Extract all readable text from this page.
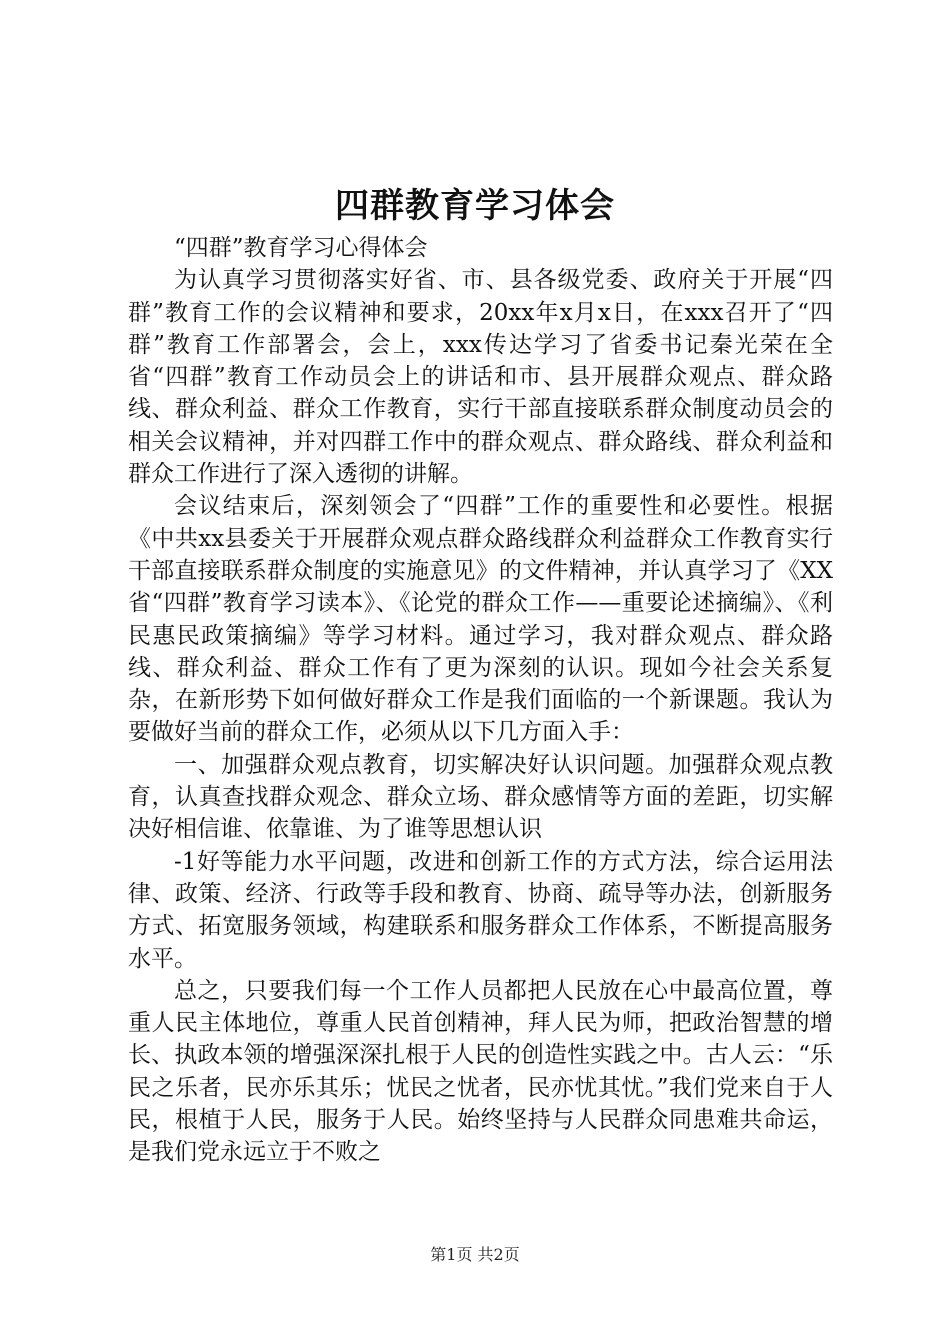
四群教育学习体会

“四群”教育学习心得体会

为认真学习贯彻落实好省、市、县各级党委、政府关于开展“四群”教育工作的会议精神和要求，20xx年x月x日，在xxx召开了“四群”教育工作部署会，会上，xxx传达学习了省委书记秦光荣在全省“四群”教育工作动员会上的讲话和市、县开展群众观点、群众路线、群众利益、群众工作教育，实行干部直接联系群众制度动员会的相关会议精神，并对四群工作中的群众观点、群众路线、群众利益和群众工作进行了深入透彻的讲解。

会议结束后，深刻领会了“四群”工作的重要性和必要性。根据《中共xx县委关于开展群众观点群众路线群众利益群众工作教育实行干部直接联系群众制度的实施意见》的文件精神，并认真学习了《XX省“四群”教育学习读本》、《论党的群众工作——重要论述摘编》、《利民惠民政策摘编》等学习材料。通过学习，我对群众观点、群众路线、群众利益、群众工作有了更为深刻的认识。现如今社会关系复杂，在新形势下如何做好群众工作是我们面临的一个新课题。我认为要做好当前的群众工作，必须从以下几方面入手：

一、加强群众观点教育，切实解决好认识问题。加强群众观点教育，认真查找群众观念、群众立场、群众感情等方面的差距，切实解决好相信谁、依靠谁、为了谁等思想认识

-1好等能力水平问题，改进和创新工作的方式方法，综合运用法律、政策、经济、行政等手段和教育、协商、疏导等办法，创新服务方式、拓宽服务领域，构建联系和服务群众工作体系，不断提高服务水平。

总之，只要我们每一个工作人员都把人民放在心中最高位置，尊重人民主体地位，尊重人民首创精神，拜人民为师，把政治智慧的增长、执政本领的增强深深扎根于人民的创造性实践之中。古人云：“乐民之乐者，民亦乐其乐；忧民之忧者，民亦忧其忧。”我们党来自于人民，根植于人民，服务于人民。始终坚持与人民群众同患难共命运，是我们党永远立于不败之

第1页 共2页
